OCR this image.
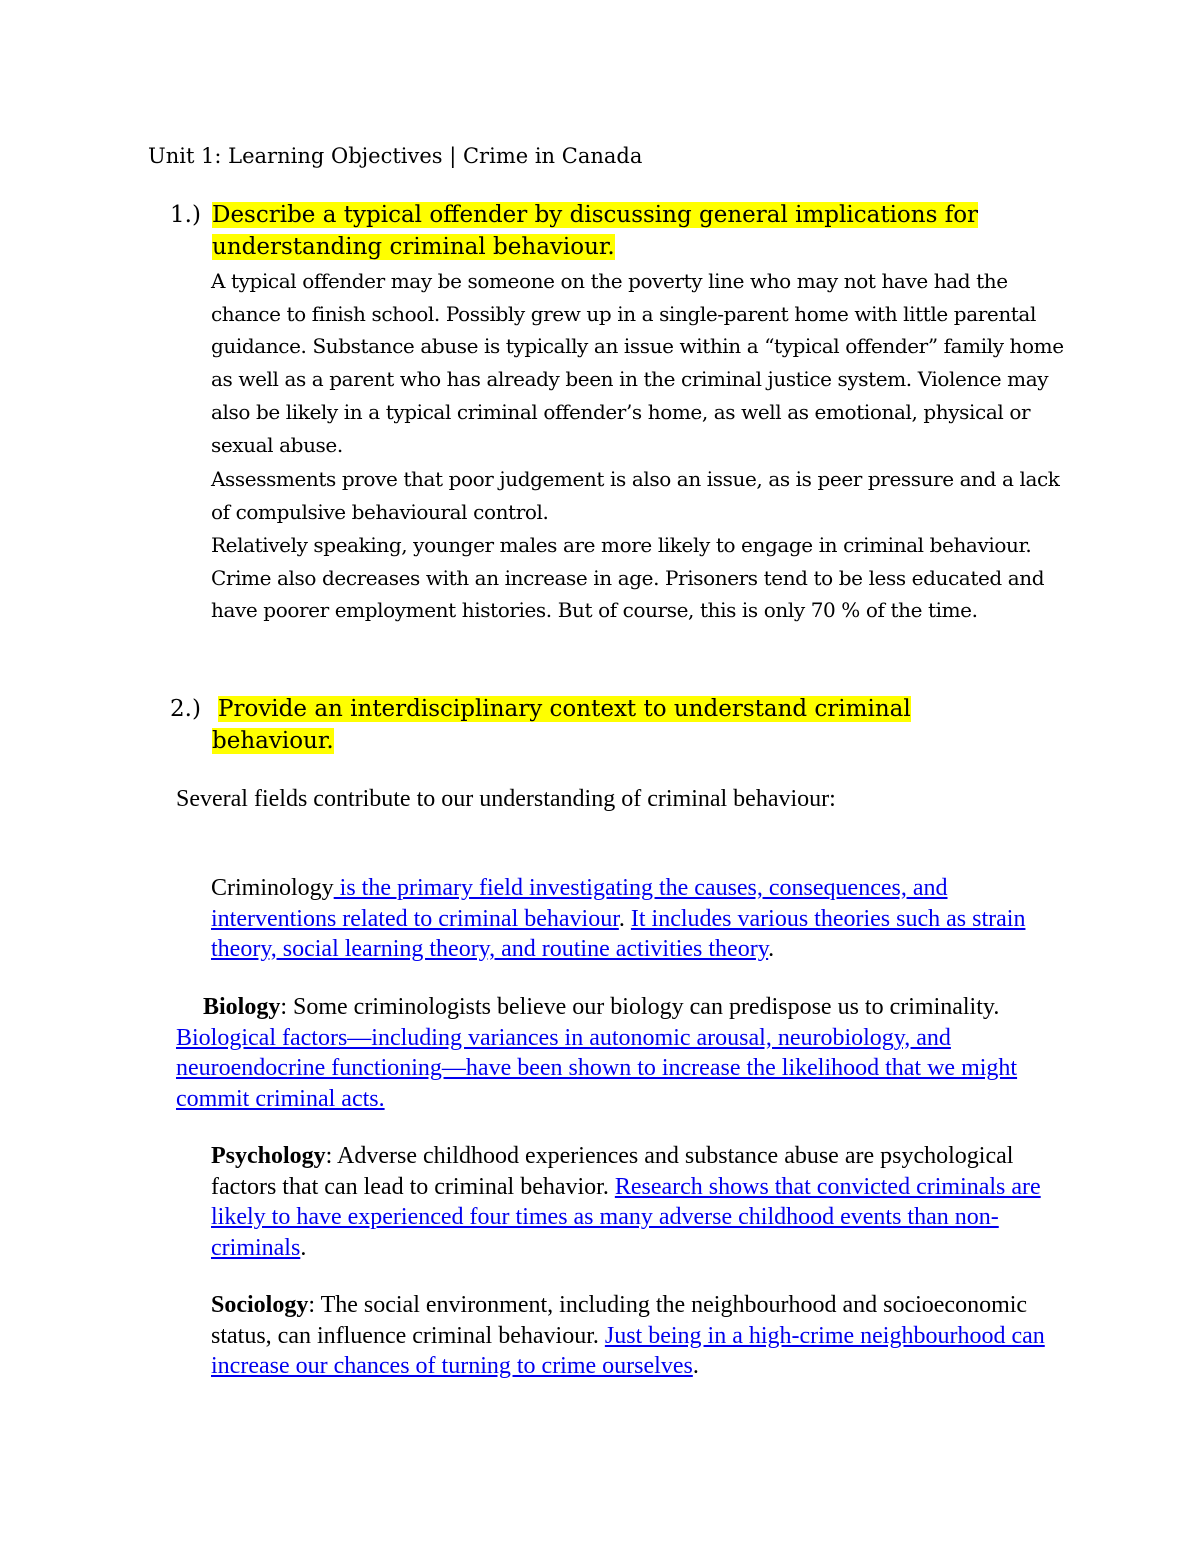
Unit 1: Learning Objectives | Crime in Canada

1.) Describe a typical offender by discussing general implications for

understanding criminal behaviour.

A typical offender may be someone on the poverty line who may not have had the chance to finish school. Possibly grew up in a single-parent home with little parental guidance. Substance abuse is typically an issue within a “typical offender” family home as well as a parent who has already been in the criminal justice system. Violence may also be likely in a typical criminal offender’s home, as well as emotional, physical or sexual abuse.

Assessments prove that poor judgement is also an issue, as is peer pressure and a lack of compulsive behavioural control.

Relatively speaking, younger males are more likely to engage in criminal behaviour. Crime also decreases with an increase in age. Prisoners tend to be less educated and have poorer employment histories. But of course, this is only 70 % of the time.

2.) Provide an interdisciplinary context to understand criminal

behaviour.

Several fields contribute to our understanding of criminal behaviour:

Criminology is the primary field investigating the causes, consequences, and interventions related to criminal behaviour. It includes various theories such as strain theory, social learning theory, and routine activities theory.

Biology: Some criminologists believe our biology can predispose us to criminality. Biological factors—including variances in autonomic arousal, neurobiology, and neuroendocrine functioning—have been shown to increase the likelihood that we might commit criminal acts.

Psychology: Adverse childhood experiences and substance abuse are psychological factors that can lead to criminal behavior. Research shows that convicted criminals are likely to have experienced four times as many adverse childhood events than non-criminals.

Sociology: The social environment, including the neighbourhood and socioeconomic status, can influence criminal behaviour. Just being in a high-crime neighbourhood can increase our chances of turning to crime ourselves.
